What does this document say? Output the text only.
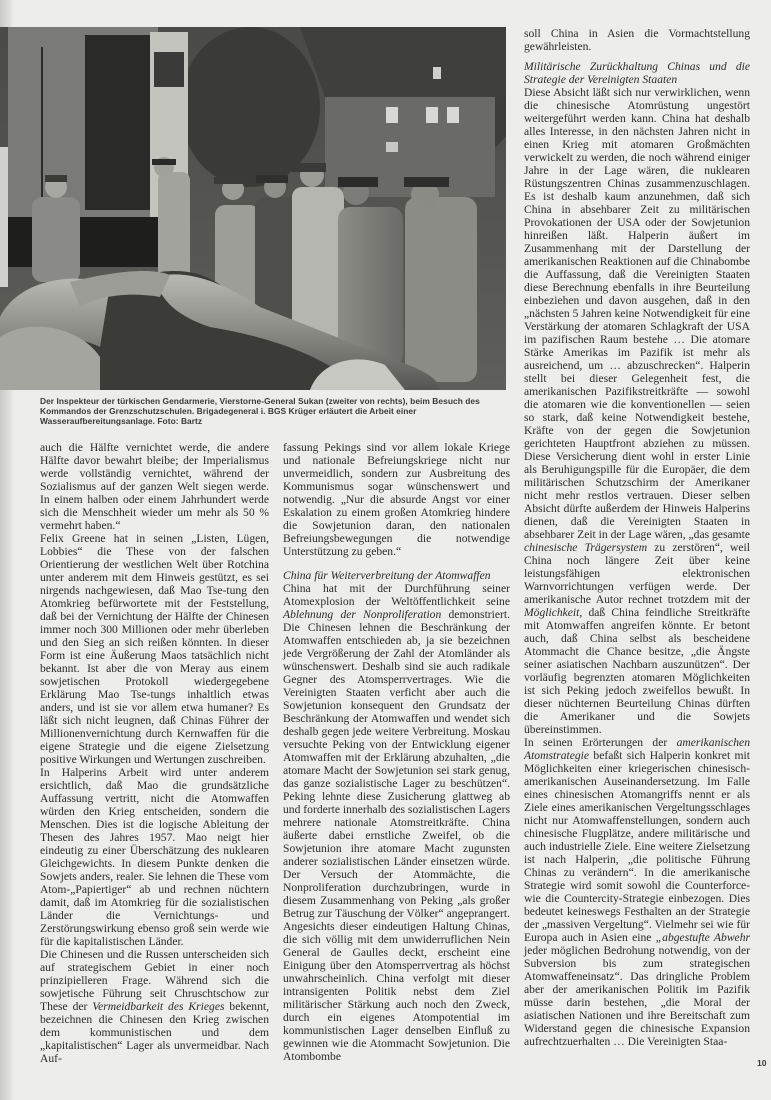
Der Inspekteur der türkischen Gendarmerie, Vierstorne-General Sukan (zweiter von rechts), beim Besuch des Kommandos der Grenzschutzschulen. Brigadegeneral i. BGS Krüger erläutert die Arbeit einer Wasseraufbereitungsanlage. Foto: Bartz

auch die Hälfte vernichtet werde, die andere Hälfte davor bewahrt bleibe; der Imperialismus werde vollständig vernichtet, während der Sozialismus auf der ganzen Welt siegen werde. In einem halben oder einem Jahrhundert werde sich die Menschheit wieder um mehr als 50 % vermehrt haben.“

Felix Greene hat in seinen „Listen, Lügen, Lobbies“ die These von der falschen Orientierung der westlichen Welt über Rotchina unter anderem mit dem Hinweis gestützt, es sei nirgends nachgewiesen, daß Mao Tse-tung den Atomkrieg befürwortete mit der Feststellung, daß bei der Vernichtung der Hälfte der Chinesen immer noch 300 Millionen oder mehr überleben und den Sieg an sich reißen könnten. In dieser Form ist eine Äußerung Maos tatsächlich nicht bekannt. Ist aber die von Meray aus einem sowjetischen Protokoll wiedergegebene Erklärung Mao Tse-tungs inhaltlich etwas anders, und ist sie vor allem etwa humaner? Es läßt sich nicht leugnen, daß Chinas Führer der Millionenvernichtung durch Kernwaffen für die eigene Strategie und die eigene Zielsetzung positive Wirkungen und Wertungen zuschreiben.

In Halperins Arbeit wird unter anderem ersichtlich, daß Mao die grundsätzliche Auffassung vertritt, nicht die Atomwaffen würden den Krieg entscheiden, sondern die Menschen. Dies ist die logische Ableitung der Thesen des Jahres 1957. Mao neigt hier eindeutig zu einer Überschätzung des nuklearen Gleichgewichts. In diesem Punkte denken die Sowjets anders, realer. Sie lehnen die These vom Atom-„Papiertiger“ ab und rechnen nüchtern damit, daß im Atomkrieg für die sozialistischen Länder die Vernichtungs- und Zerstörungswirkung ebenso groß sein werde wie für die kapitalistischen Länder.

Die Chinesen und die Russen unterscheiden sich auf strategischem Gebiet in einer noch prinzipielleren Frage. Während sich die sowjetische Führung seit Chruschtschow zur These der Vermeidbarkeit des Krieges bekennt, bezeichnen die Chinesen den Krieg zwischen dem kommunistischen und dem „kapitalistischen“ Lager als unvermeidbar. Nach Auf-

fassung Pekings sind vor allem lokale Kriege und nationale Befreiungskriege nicht nur unvermeidlich, sondern zur Ausbreitung des Kommunismus sogar wünschenswert und notwendig. „Nur die absurde Angst vor einer Eskalation zu einem großen Atomkrieg hindere die Sowjetunion daran, den nationalen Befreiungsbewegungen die notwendige Unterstützung zu geben.“

China für Weiterverbreitung der Atomwaffen

China hat mit der Durchführung seiner Atomexplosion der Weltöffentlichkeit seine Ablehnung der Nonproliferation demonstriert. Die Chinesen lehnen die Beschränkung der Atomwaffen entschieden ab, ja sie bezeichnen jede Vergrößerung der Zahl der Atomländer als wünschenswert. Deshalb sind sie auch radikale Gegner des Atomsperrvertrages. Wie die Vereinigten Staaten verficht aber auch die Sowjetunion konsequent den Grundsatz der Beschränkung der Atomwaffen und wendet sich deshalb gegen jede weitere Verbreitung. Moskau versuchte Peking von der Entwicklung eigener Atomwaffen mit der Erklärung abzuhalten, „die atomare Macht der Sowjetunion sei stark genug, das ganze sozialistische Lager zu beschützen“. Peking lehnte diese Zusicherung glattweg ab und forderte innerhalb des sozialistischen Lagers mehrere nationale Atomstreitkräfte. China äußerte dabei ernstliche Zweifel, ob die Sowjetunion ihre atomare Macht zugunsten anderer sozialistischen Länder einsetzen würde. Der Versuch der Atommächte, die Nonproliferation durchzubringen, wurde in diesem Zusammenhang von Peking „als großer Betrug zur Täuschung der Völker“ angeprangert. Angesichts dieser eindeutigen Haltung Chinas, die sich völlig mit dem unwiderruflichen Nein General de Gaulles deckt, erscheint eine Einigung über den Atomsperrvertrag als höchst unwahrscheinlich. China verfolgt mit dieser intransigenten Politik nebst dem Ziel militärischer Stärkung auch noch den Zweck, durch ein eigenes Atompotential im kommunistischen Lager denselben Einfluß zu gewinnen wie die Atommacht Sowjetunion. Die Atombombe

soll China in Asien die Vormachtstellung gewährleisten.

Militärische Zurückhaltung Chinas und die Strategie der Vereinigten Staaten

Diese Absicht läßt sich nur verwirklichen, wenn die chinesische Atomrüstung ungestört weitergeführt werden kann. China hat deshalb alles Interesse, in den nächsten Jahren nicht in einen Krieg mit atomaren Großmächten verwickelt zu werden, die noch während einiger Jahre in der Lage wären, die nuklearen Rüstungszentren Chinas zusammenzuschlagen. Es ist deshalb kaum anzunehmen, daß sich China in absehbarer Zeit zu militärischen Provokationen der USA oder der Sowjetunion hinreißen läßt. Halperin äußert im Zusammenhang mit der Darstellung der amerikanischen Reaktionen auf die Chinabombe die Auffassung, daß die Vereinigten Staaten diese Berechnung ebenfalls in ihre Beurteilung einbeziehen und davon ausgehen, daß in den „nächsten 5 Jahren keine Notwendigkeit für eine Verstärkung der atomaren Schlagkraft der USA im pazifischen Raum bestehe … Die atomare Stärke Amerikas im Pazifik ist mehr als ausreichend, um … abzuschrecken“. Halperin stellt bei dieser Gelegenheit fest, die amerikanischen Pazifikstreitkräfte — sowohl die atomaren wie die konventionellen — seien so stark, daß keine Notwendigkeit bestehe, Kräfte von der gegen die Sowjetunion gerichteten Hauptfront abziehen zu müssen. Diese Versicherung dient wohl in erster Linie als Beruhigungspille für die Europäer, die dem militärischen Schutzschirm der Amerikaner nicht mehr restlos vertrauen. Dieser selben Absicht dürfte außerdem der Hinweis Halperins dienen, daß die Vereinigten Staaten in absehbarer Zeit in der Lage wären, „das gesamte chinesische Trägersystem zu zerstören“, weil China noch längere Zeit über keine leistungsfähigen elektronischen Warnvorrichtungen verfügen werde. Der amerikanische Autor rechnet trotzdem mit der Möglichkeit, daß China feindliche Streitkräfte mit Atomwaffen angreifen könnte. Er betont auch, daß China selbst als bescheidene Atommacht die Chance besitze, „die Ängste seiner asiatischen Nachbarn auszunützen“. Der vorläufig begrenzten atomaren Möglichkeiten ist sich Peking jedoch zweifellos bewußt. In dieser nüchternen Beurteilung Chinas dürften die Amerikaner und die Sowjets übereinstimmen.

In seinen Erörterungen der amerikanischen Atomstrategie befaßt sich Halperin konkret mit Möglichkeiten einer kriegerischen chinesisch-amerikanischen Auseinandersetzung. Im Falle eines chinesischen Atomangriffs nennt er als Ziele eines amerikanischen Vergeltungsschlages nicht nur Atomwaffenstellungen, sondern auch chinesische Flugplätze, andere militärische und auch industrielle Ziele. Eine weitere Zielsetzung ist nach Halperin, „die politische Führung Chinas zu verändern“. In die amerikanische Strategie wird somit sowohl die Counterforce- wie die Countercity-Strategie einbezogen. Dies bedeutet keineswegs Festhalten an der Strategie der „massiven Vergeltung“. Vielmehr sei wie für Europa auch in Asien eine „abgestufte Abwehr jeder möglichen Bedrohung notwendig, von der Subversion bis zum strategischen Atomwaffeneinsatz“. Das dringliche Problem aber der amerikanischen Politik im Pazifik müsse darin bestehen, „die Moral der asiatischen Nationen und ihre Bereitschaft zum Widerstand gegen die chinesische Expansion aufrechtzuerhalten … Die Vereinigten Staa-

10
